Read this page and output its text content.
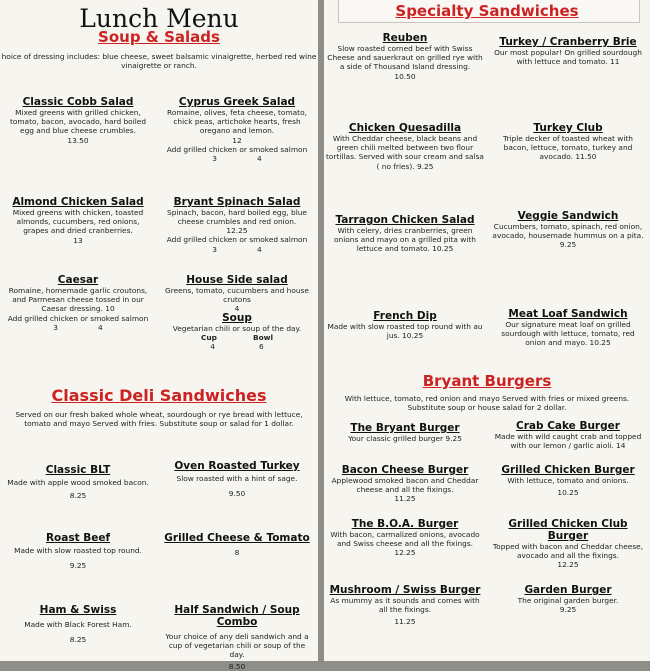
Lunch Menu
Soup & Salads
hoice of dressing includes: blue cheese, sweet balsamic vinaigrette, herbed red wine vinaigrette or ranch.
Classic Cobb Salad
Mixed greens with grilled chicken, tomato, bacon, avocado, hard boiled egg and blue cheese crumbles.
13.50
Cyprus Greek Salad
Romaine, olives, feta cheese, tomato, chick peas, artichoke hearts, fresh oregano and lemon.
12
Add grilled chicken or smoked salmon
3	4
Almond Chicken Salad
Mixed greens with chicken, toasted almonds, cucumbers, red onions, grapes and dried cranberries.
13
Bryant Spinach Salad
Spinach, bacon, hard boiled egg, blue cheese crumbles and red onion.
12.25
Add grilled chicken or smoked salmon
3	4
Caesar
Romaine, homemade garlic croutons, and Parmesan cheese tossed in our Caesar dressing. 10
Add grilled chicken or smoked salmon
3	4
House Side salad
Greens, tomato, cucumbers and house crutons
4
Soup
Vegetarian chili or soup of the day.
Cup	Bowl
4	6
Classic Deli Sandwiches
Served on our fresh baked whole wheat, sourdough or rye bread with lettuce, tomato and mayo Served with fries. Substitute soup or salad for 1 dollar.
Classic BLT
Made with apple wood smoked bacon.
8.25
Oven Roasted Turkey
Slow roasted with a hint of sage.
9.50
Roast Beef
Made with slow roasted top round.
9.25
Grilled Cheese & Tomato
8
Ham & Swiss
Made with Black Forest Ham.
8.25
Half Sandwich / Soup Combo
Your choice of any deli sandwich and a cup of vegetarian chili or soup of the day.
8.50
Specialty Sandwiches
Reuben
Slow roasted corned beef with Swiss Cheese and sauerkraut on grilled rye with a side of Thousand Island dressing.
10.50
Turkey / Cranberry Brie
Our most popular! On grilled sourdough with lettuce and tomato. 11
Chicken Quesadilla
With Cheddar cheese, black beans and green chili melted between two flour tortillas. Served with sour cream and salsa ( no fries). 9.25
Turkey Club
Triple decker of toasted wheat with bacon, lettuce, tomato, turkey and avocado. 11.50
Tarragon Chicken Salad
With celery, dries cranberries, green onions and mayo on a grilled pita with lettuce and tomato. 10.25
Veggie Sandwich
Cucumbers, tomato, spinach, red onion, avocado, housemade hummus on a pita.
9.25
French Dip
Made with slow roasted top round with au jus. 10.25
Meat Loaf Sandwich
Our signature meat loaf on grilled sourdough with lettuce, tomato, red onion and mayo. 10.25
Bryant Burgers
With lettuce, tomato, red onion and mayo Served with fries or mixed greens. Substitute soup or house salad for 2 dollar.
The Bryant Burger
Your classic grilled burger 9.25
Crab Cake Burger
Made with wild caught crab and topped with our lemon / garlic aioli. 14
Bacon Cheese Burger
Applewood smoked bacon and Cheddar cheese and all the fixings.
11.25
Grilled Chicken Burger
With lettuce, tomato and onions.
10.25
The B.O.A. Burger
With bacon, carmalized onions, avocado and Swiss cheese and all the fixings.
12.25
Grilled Chicken Club Burger
Topped with bacon and Cheddar cheese, avocado and all the fixings.
12.25
Mushroom / Swiss Burger
As mummy as it sounds and comes with all the fixings.
11.25
Garden Burger
The original garden burger.
9.25
